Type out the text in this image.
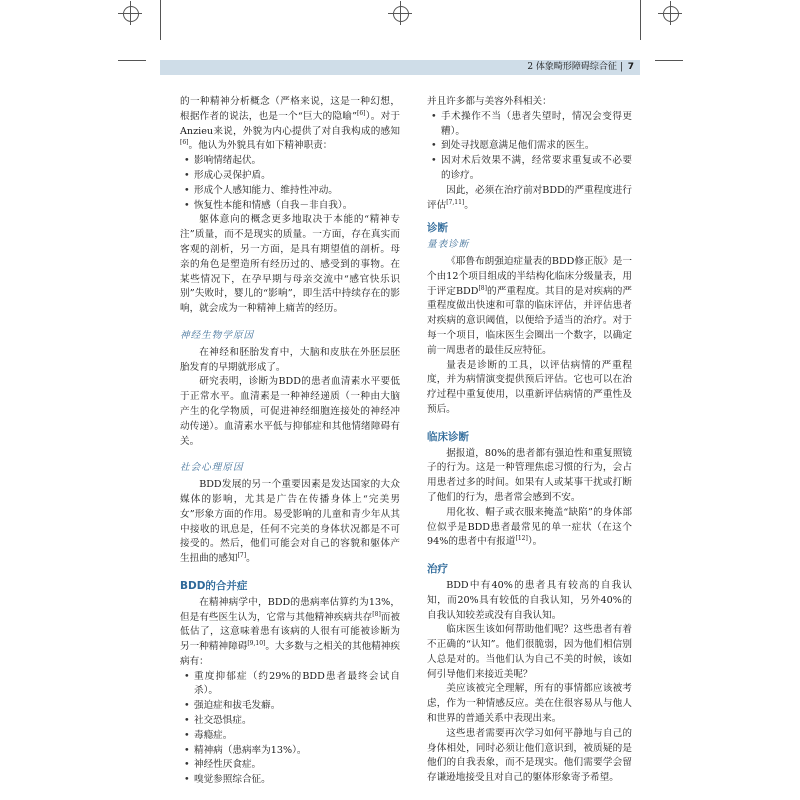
2 体象畸形障碍综合征 | 7

的一种精神分析概念（严格来说，这是一种幻想，根据作者的说法，也是一个“巨大的隐喻”[6]）。对于Anzieu来说，外貌为内心提供了对自我构成的感知[6]。他认为外貌具有如下精神职责：

• 影响情绪起伏。
• 形成心灵保护盾。
• 形成个人感知能力、维持性冲动。
• 恢复性本能和情感（自我－非自我）。

躯体意向的概念更多地取决于本能的“精神专注”质量，而不是现实的质量。一方面，存在真实而客观的剖析，另一方面，是具有期望值的剖析。母亲的角色是塑造所有经历过的、感受到的事物。在某些情况下，在孕早期与母亲交流中“感官快乐识别”失败时，婴儿的“影响”，即生活中持续存在的影响，就会成为一种精神上痛苦的经历。

神经生物学原因

在神经和胚胎发育中，大脑和皮肤在外胚层胚胎发育的早期就形成了。

研究表明，诊断为BDD的患者血清素水平要低于正常水平。血清素是一种神经递质（一种由大脑产生的化学物质，可促进神经细胞连接处的神经冲动传递）。血清素水平低与抑郁症和其他情绪障碍有关。

社会心理原因

BDD发展的另一个重要因素是发达国家的大众媒体的影响，尤其是广告在传播身体上“完美男女”形象方面的作用。易受影响的儿童和青少年从其中接收的讯息是，任何不完美的身体状况都是不可接受的。然后，他们可能会对自己的容貌和躯体产生扭曲的感知[7]。

BDD的合并症

在精神病学中，BDD的患病率估算约为13%，但是有些医生认为，它常与其他精神疾病共存[8]而被低估了，这意味着患有该病的人很有可能被诊断为另一种精神障碍[9,10]。大多数与之相关的其他精神疾病有：

• 重度抑郁症（约29%的BDD患者最终会试自杀）。
• 强迫症和拔毛发癖。
• 社交恐惧症。
• 毒瘾症。
• 精神病（患病率为13%）。
• 神经性厌食症。
• 嗅觉参照综合征。

并且许多都与美容外科相关：

• 手术操作不当（患者失望时，情况会变得更糟）。
• 到处寻找愿意满足他们需求的医生。
• 因对术后效果不满，经常要求重复或不必要的诊疗。

因此，必须在治疗前对BDD的严重程度进行评估[7,11]。

诊断
量表诊断

《耶鲁布朗强迫症量表的BDD修正版》是一个由12个项目组成的半结构化临床分级量表，用于评定BDD[8]的严重程度。其目的是对疾病的严重程度做出快速和可靠的临床评估，并评估患者对疾病的意识阈值，以便给予适当的治疗。对于每一个项目，临床医生会圈出一个数字，以确定前一周患者的最佳反应特征。

量表是诊断的工具，以评估病情的严重程度，并为病情演变提供预后评估。它也可以在治疗过程中重复使用，以重新评估病情的严重性及预后。

临床诊断

据报道，80%的患者都有强迫性和重复照镜子的行为。这是一种管理焦虑习惯的行为，会占用患者过多的时间。如果有人或某事干扰或打断了他们的行为，患者常会感到不安。

用化妆、帽子或衣服来掩盖“缺陷”的身体部位似乎是BDD患者最常见的单一症状（在这个94%的患者中有报道[12]）。

治疗

BDD中有40%的患者具有较高的自我认知，而20%具有较低的自我认知，另外40%的自我认知较差或没有自我认知。

临床医生该如何帮助他们呢？这些患者有着不正确的“认知”。他们很脆弱，因为他们相信别人总是对的。当他们认为自己不美的时候，该如何引导他们来接近美呢？

美应该被完全理解，所有的事情都应该被考虑，作为一种情感反应。美在住很容易从与他人和世界的普通关系中表现出来。

这些患者需要再次学习如何平静地与自己的身体相处，同时必须让他们意识到，被质疑的是他们的自我表象，而不是现实。他们需要学会留存谦逊地接受且对自己的躯体形象寄予希望。
